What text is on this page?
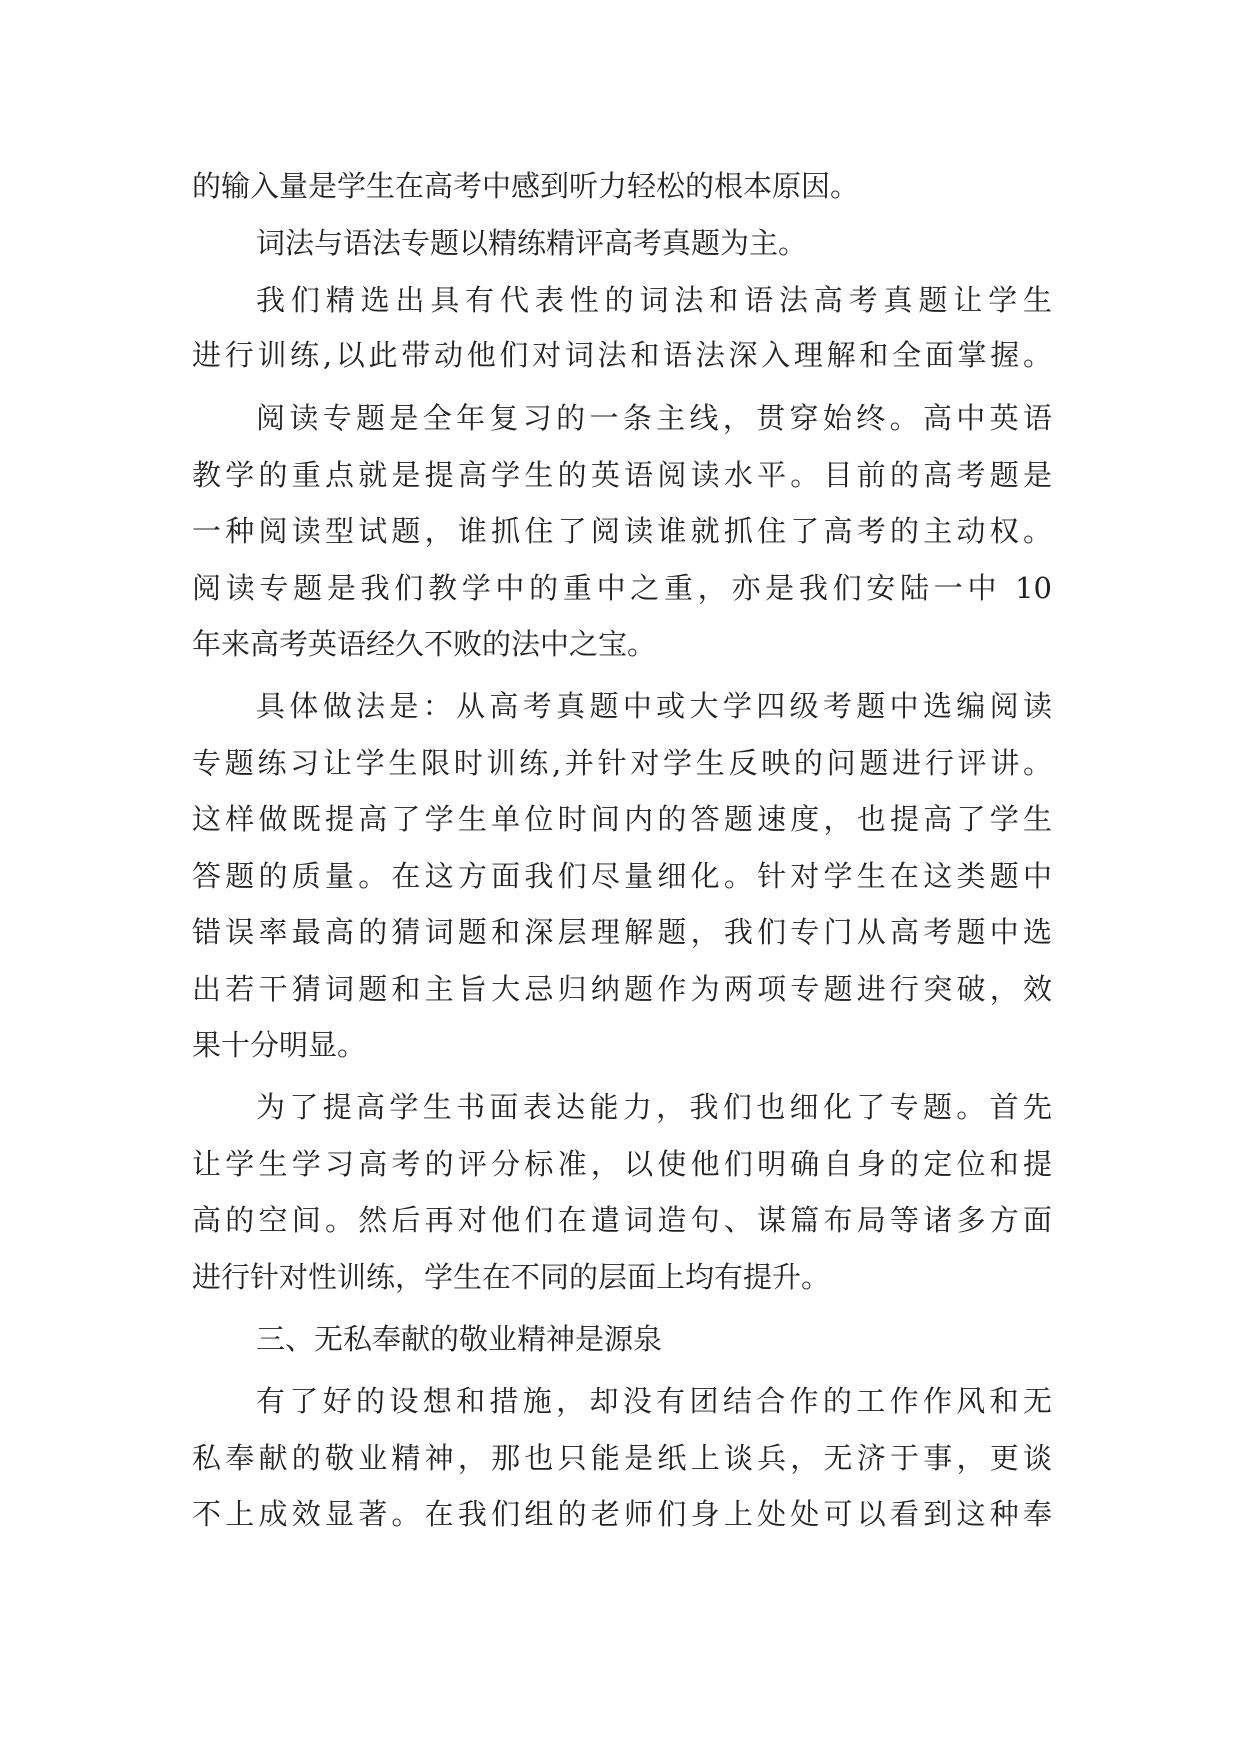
的输入量是学生在高考中感到听力轻松的根本原因。

词法与语法专题以精练精评高考真题为主。

我们精选出具有代表性的词法和语法高考真题让学生

进行训练,以此带动他们对词法和语法深入理解和全面掌握。

阅读专题是全年复习的一条主线，贯穿始终。高中英语

教学的重点就是提高学生的英语阅读水平。目前的高考题是

一种阅读型试题，谁抓住了阅读谁就抓住了高考的主动权。

阅读专题是我们教学中的重中之重，亦是我们安陆一中 10

年来高考英语经久不败的法中之宝。

具体做法是：从高考真题中或大学四级考题中选编阅读

专题练习让学生限时训练,并针对学生反映的问题进行评讲。

这样做既提高了学生单位时间内的答题速度，也提高了学生

答题的质量。在这方面我们尽量细化。针对学生在这类题中

错误率最高的猜词题和深层理解题，我们专门从高考题中选

出若干猜词题和主旨大忌归纳题作为两项专题进行突破，效

果十分明显。

为了提高学生书面表达能力，我们也细化了专题。首先

让学生学习高考的评分标准，以使他们明确自身的定位和提

高的空间。然后再对他们在遣词造句、谋篇布局等诸多方面

进行针对性训练，学生在不同的层面上均有提升。

三、无私奉献的敬业精神是源泉

有了好的设想和措施，却没有团结合作的工作作风和无

私奉献的敬业精神，那也只能是纸上谈兵，无济于事，更谈

不上成效显著。在我们组的老师们身上处处可以看到这种奉
